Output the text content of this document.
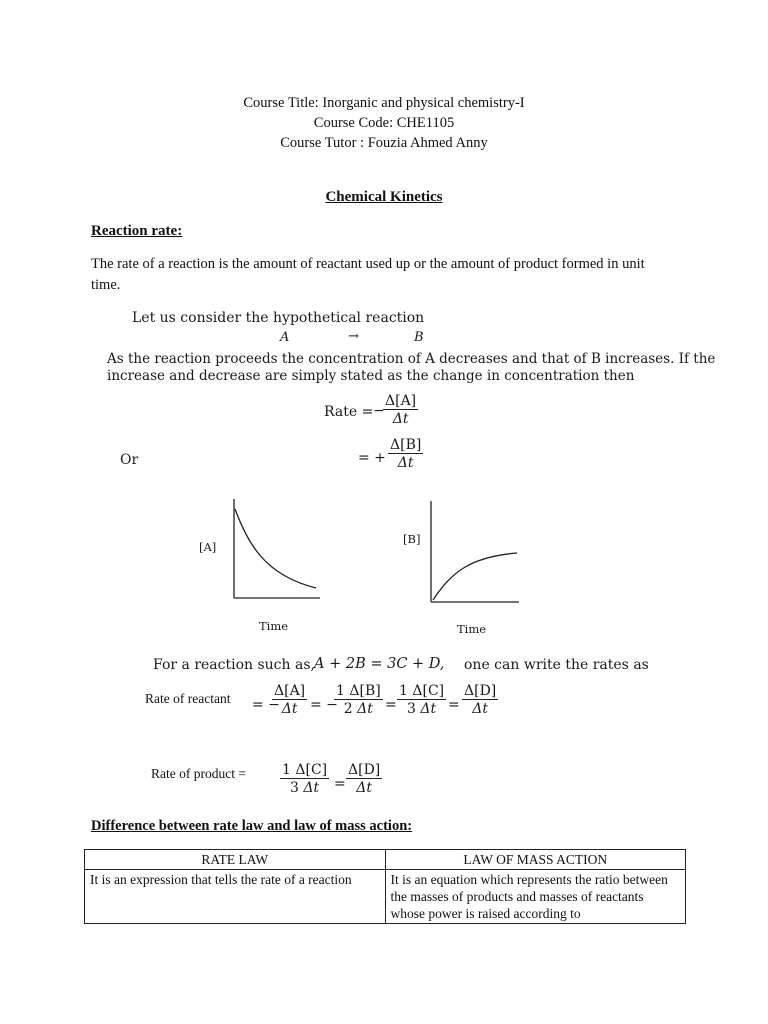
Course Title: Inorganic and physical chemistry-I
Course Code: CHE1105
Course Tutor : Fouzia Ahmed Anny
Chemical Kinetics
Reaction rate:
The rate of a reaction is the amount of reactant used up or the amount of product formed in unit
time.
Let us consider the hypothetical reaction
A	→	B
As the reaction proceeds the concentration of A decreases and that of B increases. If the
increase and decrease are simply stated as the change in concentration then
Rate = −
$\frac{\Delta[A]}{\Delta t}$
Or	= + $\frac{\Delta[B]}{\Delta t}$
[A]
Time
[B]
Time
For a reaction such as, A + 2B = 3C + D, one can write the rates as
Rate of reactant = −
$\frac{\Delta[A]}{\Delta t}$ = −
$\frac{1 \Delta[B]}{2 \Delta t} = \frac{1 \Delta[C]}{3 \Delta t} = \frac{\Delta[D]}{\Delta t}$
Rate of product = $\frac{1 \Delta[C]}{3 \Delta t} = \frac{\Delta[D]}{\Delta t}$
Difference between rate law and law of mass action:
RATE LAW	LAW OF MASS ACTION
It is an expression that tells the rate of a reaction	It is an equation which represents the ratio between the masses of products and masses of reactants whose power is raised according to
